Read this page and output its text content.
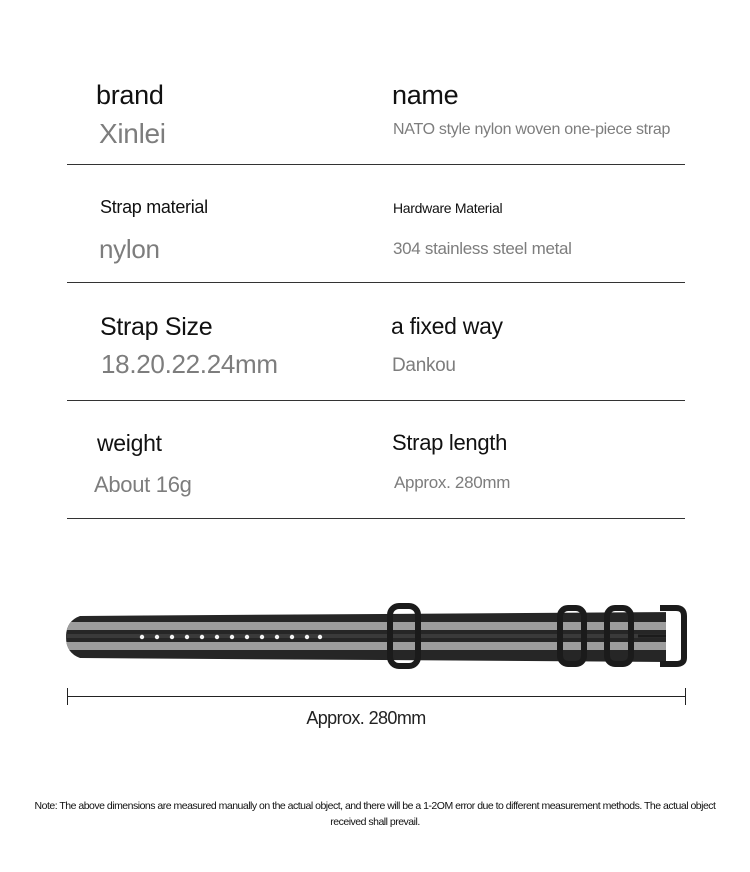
brand
Xinlei
name
NATO style nylon woven one-piece strap
Strap material
nylon
Hardware Material
304 stainless steel metal
Strap Size
18.20.22.24mm
a fixed way
Dankou
weight
About 16g
Strap length
Approx. 280mm
Approx. 280mm
Note: The above dimensions are measured manually on the actual object, and there will be a 1-2OM error due to different measurement methods. The actual object received shall prevail.
